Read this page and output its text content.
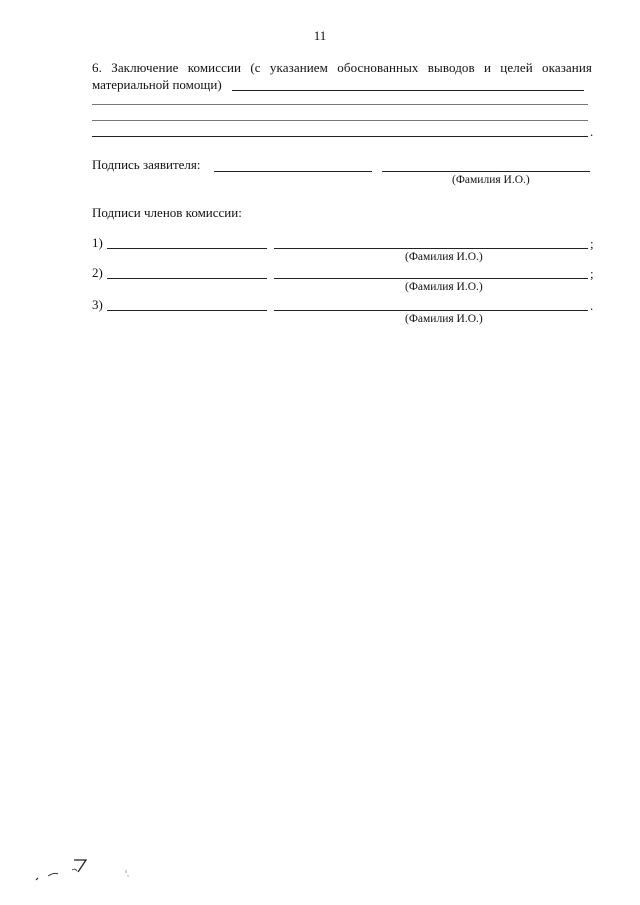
11
6. Заключение комиссии (с указанием обоснованных выводов и целей оказания
материальной помощи)
.
Подпись заявителя:
(Фамилия И.О.)
Подписи членов комиссии:
1)	;
(Фамилия И.О.)
2)	;
(Фамилия И.О.)
3)	.
(Фамилия И.О.)
